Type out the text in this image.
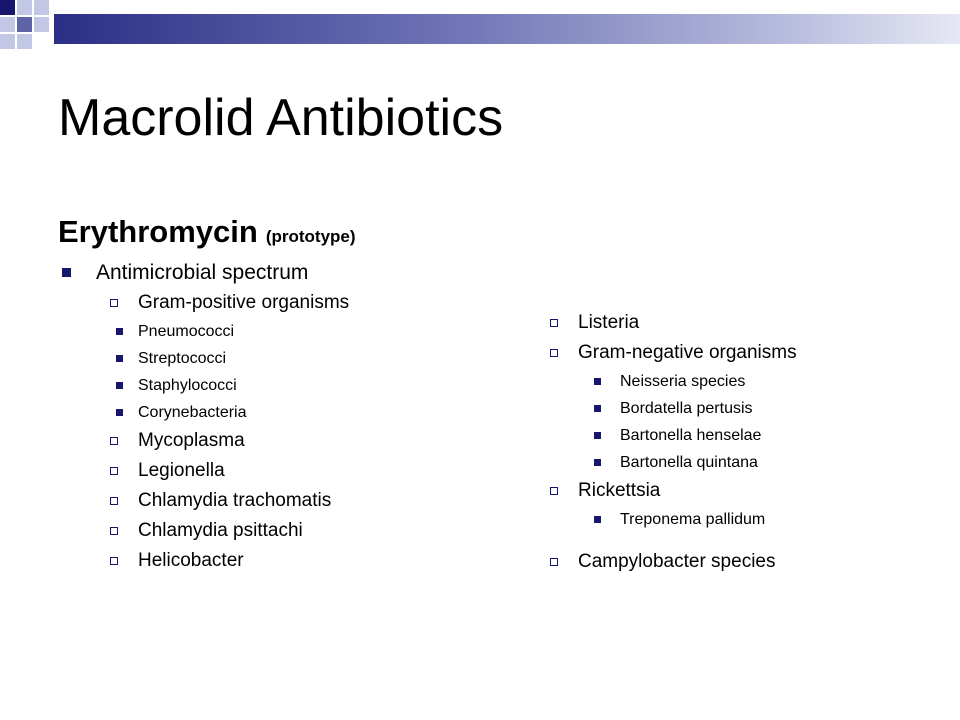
Macrolid Antibiotics
Erythromycin (prototype)
Antimicrobial spectrum
Gram-positive organisms
Pneumococci
Streptococci
Staphylococci
Corynebacteria
Mycoplasma
Legionella
Chlamydia trachomatis
Chlamydia psittachi
Helicobacter
Listeria
Gram-negative organisms
Neisseria species
Bordatella pertusis
Bartonella henselae
Bartonella quintana
Rickettsia
Treponema pallidum
Campylobacter species
